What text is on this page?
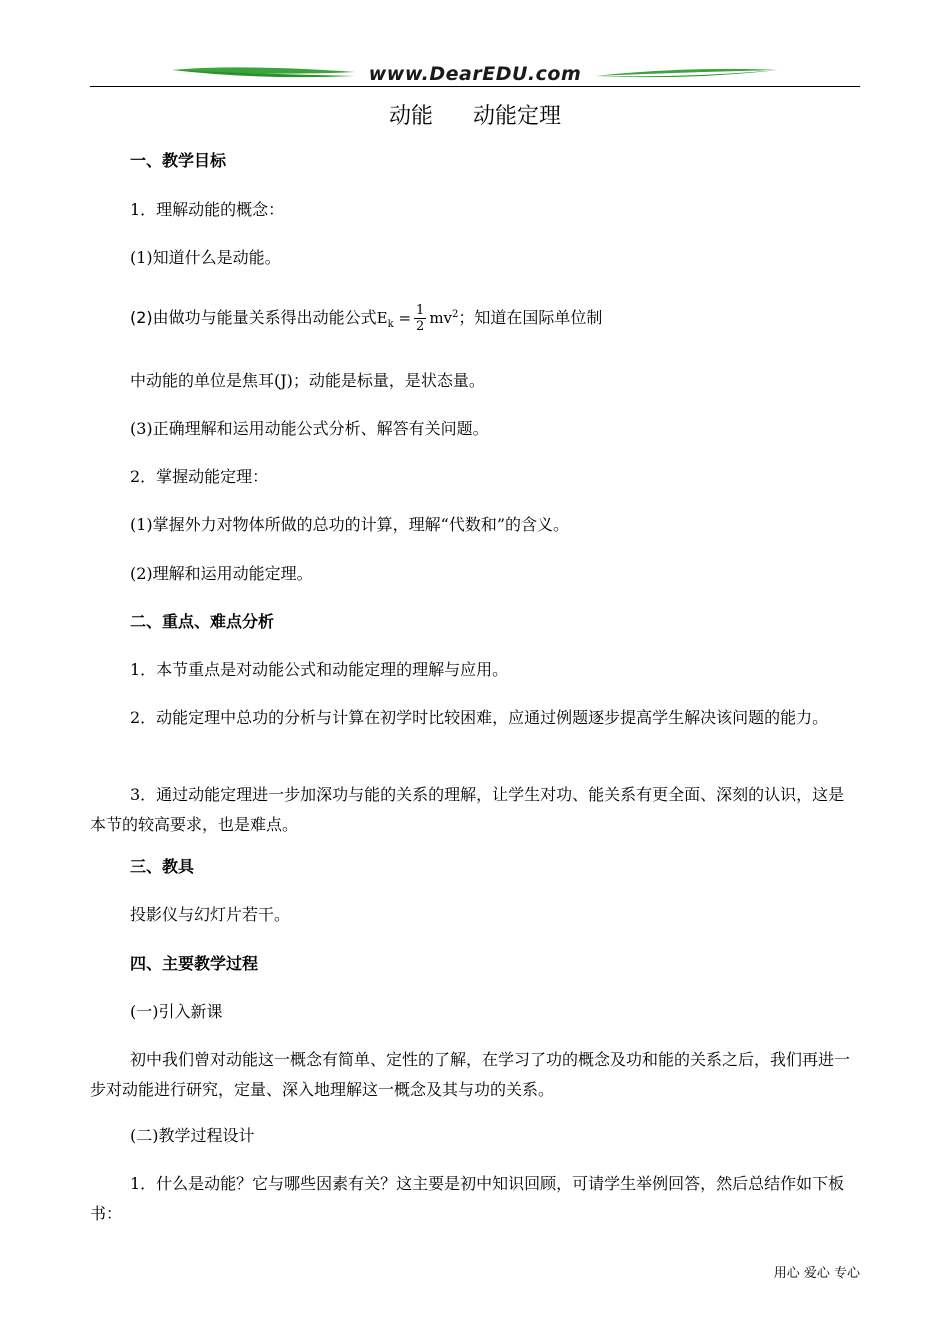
www.DearEDU.com
动能 动能定理

一、教学目标

1．理解动能的概念：

(1)知道什么是动能。

(2)由做功与能量关系得出动能公式$E_k = \frac{1}{2} mv^2$；知道在国际单位制

中动能的单位是焦耳(J)；动能是标量，是状态量。

(3)正确理解和运用动能公式分析、解答有关问题。

2．掌握动能定理：

(1)掌握外力对物体所做的总功的计算，理解“代数和”的含义。

(2)理解和运用动能定理。

二、重点、难点分析

1．本节重点是对动能公式和动能定理的理解与应用。

2．动能定理中总功的分析与计算在初学时比较困难，应通过例题逐步提高学生解决该问题的能力。

3．通过动能定理进一步加深功与能的关系的理解，让学生对功、能关系有更全面、深刻的认识，这是本节的较高要求，也是难点。

三、教具

投影仪与幻灯片若干。

四、主要教学过程

(一)引入新课

初中我们曾对动能这一概念有简单、定性的了解，在学习了功的概念及功和能的关系之后，我们再进一步对动能进行研究，定量、深入地理解这一概念及其与功的关系。

(二)教学过程设计

1．什么是动能？它与哪些因素有关？这主要是初中知识回顾，可请学生举例回答，然后总结作如下板书：

用心 爱心 专心
